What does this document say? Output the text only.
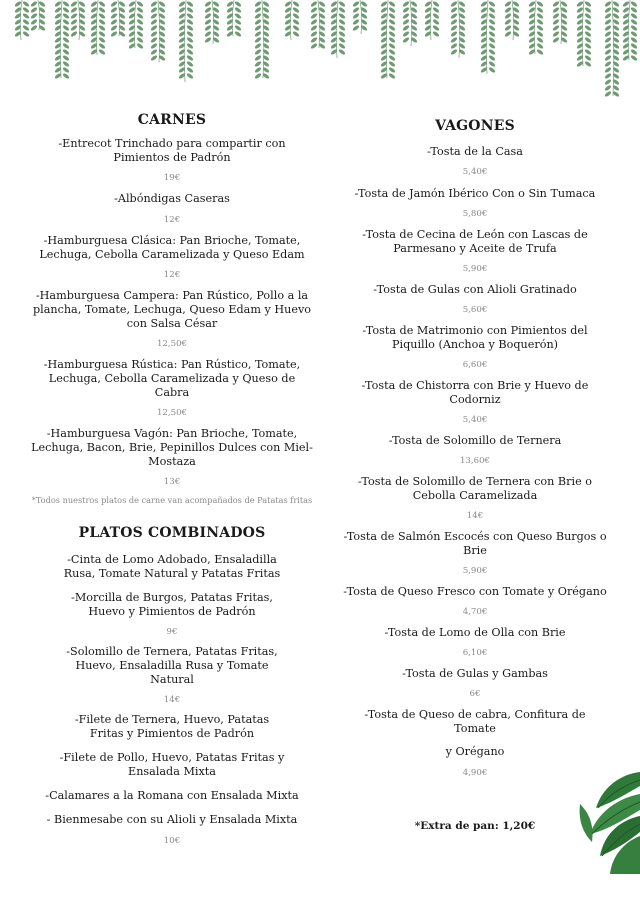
CARNES

-Entrecot Trinchado para compartir con Pimientos de Padrón

19€

-Albóndigas Caseras

12€

-Hamburguesa Clásica: Pan Brioche, Tomate, Lechuga, Cebolla Caramelizada y Queso Edam

12€

-Hamburguesa Campera: Pan Rústico, Pollo a la plancha, Tomate, Lechuga, Queso Edam y Huevo con Salsa César

12,50€

-Hamburguesa Rústica: Pan Rústico, Tomate, Lechuga, Cebolla Caramelizada y Queso de Cabra

12,50€

-Hamburguesa Vagón: Pan Brioche, Tomate, Lechuga, Bacon, Brie, Pepinillos Dulces con Miel-Mostaza

13€

*Todos nuestros platos de carne van acompañados de Patatas fritas

PLATOS COMBINADOS

-Cinta de Lomo Adobado, Ensaladilla Rusa, Tomate Natural y Patatas Fritas

-Morcilla de Burgos, Patatas Fritas, Huevo y Pimientos de Padrón

9€

-Solomillo de Ternera, Patatas Fritas, Huevo, Ensaladilla Rusa y Tomate Natural

14€

-Filete de Ternera, Huevo, Patatas Fritas y Pimientos de Padrón

-Filete de Pollo, Huevo, Patatas Fritas y Ensalada Mixta

-Calamares a la Romana con Ensalada Mixta

- Bienmesabe con su Alioli y Ensalada Mixta

10€

VAGONES

-Tosta de la Casa

5,40€

-Tosta de Jamón Ibérico Con o Sin Tumaca

5,80€

-Tosta de Cecina de León con Lascas de Parmesano y Aceite de Trufa

5,90€

-Tosta de Gulas con Alioli Gratinado

5,60€

-Tosta de Matrimonio con Pimientos del Piquillo (Anchoa y Boquerón)

6,60€

-Tosta de Chistorra con Brie y Huevo de Codorniz

5,40€

-Tosta de Solomillo de Ternera

13,60€

-Tosta de Solomillo de Ternera con Brie o Cebolla Caramelizada

14€

-Tosta de Salmón Escocés con Queso Burgos o Brie

5,90€

-Tosta de Queso Fresco con Tomate y Orégano

4,70€

-Tosta de Lomo de Olla con Brie

6,10€

-Tosta de Gulas y Gambas

6€

-Tosta de Queso de cabra, Confitura de Tomate

y Orégano

4,90€

*Extra de pan: 1,20€
